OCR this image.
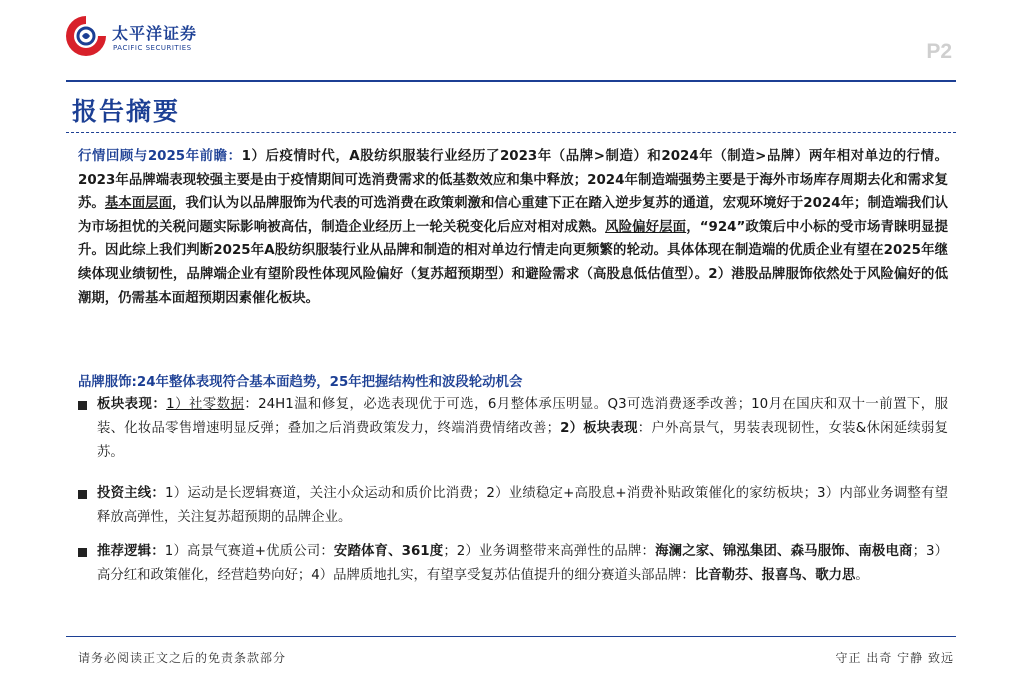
太平洋证券
PACIFIC SECURITIES	P2
报告摘要
行情回顾与2025年前瞻：1）后疫情时代，A股纺织服装行业经历了2023年（品牌>制造）和2024年（制造>品牌）两年相对单边的行情。2023年品牌端表现较强主要是由于疫情期间可选消费需求的低基数效应和集中释放；2024年制造端强势主要是于海外市场库存周期去化和需求复苏。基本面层面，我们认为以品牌服饰为代表的可选消费在政策刺激和信心重建下正在踏入逆步复苏的通道，宏观环境好于2024年；制造端我们认为市场担忧的关税问题实际影响被高估，制造企业经历上一轮关税变化后应对相对成熟。风险偏好层面，“924”政策后中小标的受市场青睐明显提升。因此综上我们判断2025年A股纺织服装行业从品牌和制造的相对单边行情走向更频繁的轮动。具体体现在制造端的优质企业有望在2025年继续体现业绩韧性，品牌端企业有望阶段性体现风险偏好（复苏超预期型）和避险需求（高股息低估值型）。2）港股品牌服饰依然处于风险偏好的低潮期，仍需基本面超预期因素催化板块。
品牌服饰:24年整体表现符合基本面趋势，25年把握结构性和波段轮动机会
板块表现：1）社零数据：24H1温和修复，必选表现优于可选，6月整体承压明显。Q3可选消费逐季改善；10月在国庆和双十一前置下，服装、化妆品零售增速明显反弹；叠加之后消费政策发力，终端消费情绪改善；2）板块表现：户外高景气，男装表现韧性，女装&休闲延续弱复苏。
投资主线：1）运动是长逻辑赛道，关注小众运动和质价比消费；2）业绩稳定+高股息+消费补贴政策催化的家纺板块；3）内部业务调整有望释放高弹性，关注复苏超预期的品牌企业。
推荐逻辑：1）高景气赛道+优质公司：安踏体育、361度；2）业务调整带来高弹性的品牌：海澜之家、锦泓集团、森马服饰、南极电商；3）高分红和政策催化，经营趋势向好；4）品牌质地扎实，有望享受复苏估值提升的细分赛道头部品牌：比音勒芬、报喜鸟、歌力思。
请务必阅读正文之后的免责条款部分	守正 出奇 宁静 致远
